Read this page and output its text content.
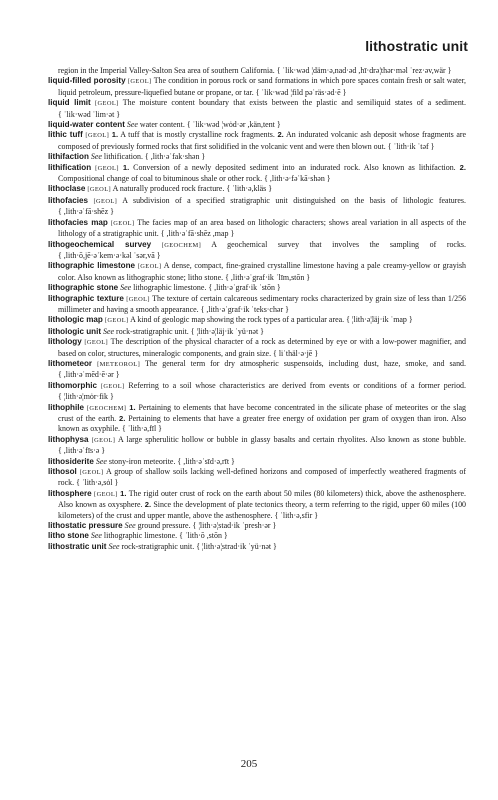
lithostratic unit

region in the Imperial Valley-Salton Sea area of southern California. { ˈlik·wəd ¦däm·ə,nad·əd ,hī·drə¦thər·məl ˈrez·əv,wär }

liquid-filled porosity [GEOL] The condition in porous rock or sand formations in which pore spaces contain fresh or salt water, liquid petroleum, pressure-liquefied butane or propane, or tar. { ˈlik·wəd ¦fild pəˈräs·əd·ē }

liquid limit [GEOL] The moisture content boundary that exists between the plastic and semiliquid states of a sediment. { ˈlik·wəd ˈlim·ət }

liquid-water content See water content. { ˈlik·wəd ¦wȯd·ər ,kän,tent }

lithic tuff [GEOL] 1. A tuff that is mostly crystalline rock fragments. 2. An indurated volcanic ash deposit whose fragments are composed of previously formed rocks that first solidified in the volcanic vent and were then blown out. { ˈlith·ik ˈtəf }

lithifaction See lithification. { ,lith·əˈfak·shən }

lithification [GEOL] 1. Conversion of a newly deposited sediment into an indurated rock. Also known as lithifaction. 2. Compositional change of coal to bituminous shale or other rock. { ,lith·ə·fəˈkā·shən }

lithoclase [GEOL] A naturally produced rock fracture. { ˈlith·ə,kläs }

lithofacies [GEOL] A subdivision of a specified stratigraphic unit distinguished on the basis of lithologic features. { ,lith·əˈfā·shēz }

lithofacies map [GEOL] The facies map of an area based on lithologic characters; shows areal variation in all aspects of the lithology of a stratigraphic unit. { ,lith·əˈfā·shēz ,map }

lithogeochemical survey [GEOCHEM] A geochemical survey that involves the sampling of rocks. { ,lith·ō,jē·əˈkem·ə·kəl ˈsər,vā }

lithographic limestone [GEOL] A dense, compact, fine-grained crystalline limestone having a pale creamy-yellow or grayish color. Also known as lithographic stone; litho stone. { ,lith·əˈgraf·ik ˈlīm,stōn }

lithographic stone See lithographic limestone. { ,lith·əˈgraf·ik ˈstōn }

lithographic texture [GEOL] The texture of certain calcareous sedimentary rocks characterized by grain size of less than 1/256 millimeter and having a smooth appearance. { ,lith·əˈgraf·ik ˈteks·chər }

lithologic map [GEOL] A kind of geologic map showing the rock types of a particular area. { ¦lith·ə¦läj·ik ˈmap }

lithologic unit See rock-stratigraphic unit. { ¦lith·ə¦läj·ik ˈyü·nət }

lithology [GEOL] The description of the physical character of a rock as determined by eye or with a low-power magnifier, and based on color, structures, mineralogic components, and grain size. { liˈthäl·ə·jē }

lithometeor [METEOROL] The general term for dry atmospheric suspensoids, including dust, haze, smoke, and sand. { ,lith·əˈmēd·ē·ər }

lithomorphic [GEOL] Referring to a soil whose characteristics are derived from events or conditions of a former period. { ¦lith·ə¦mȯr·fik }

lithophile [GEOCHEM] 1. Pertaining to elements that have become concentrated in the silicate phase of meteorites or the slag crust of the earth. 2. Pertaining to elements that have a greater free energy of oxidation per gram of oxygen than iron. Also known as oxyphile. { ˈlith·ə,fīl }

lithophysa [GEOL] A large spherulitic hollow or bubble in glassy basalts and certain rhyolites. Also known as stone bubble. { ,lith·əˈfīs·ə }

lithosiderite See stony-iron meteorite. { ,lith·əˈsīd·ə,rīt }

lithosol [GEOL] A group of shallow soils lacking well-defined horizons and composed of imperfectly weathered fragments of rock. { ˈlith·ə,sȯl }

lithosphere [GEOL] 1. The rigid outer crust of rock on the earth about 50 miles (80 kilometers) thick, above the asthenosphere. Also known as oxysphere. 2. Since the development of plate tectonics theory, a term referring to the rigid, upper 60 miles (100 kilometers) of the crust and upper mantle, above the asthenosphere. { ˈlith·ə,sfir }

lithostatic pressure See ground pressure. { ¦lith·ə¦stad·ik ˈpresh·ər }

litho stone See lithographic limestone. { ˈlith·ō ,stōn }

lithostratic unit See rock-stratigraphic unit. { ¦lith·ə¦strad·ik ˈyü·nət }

205
